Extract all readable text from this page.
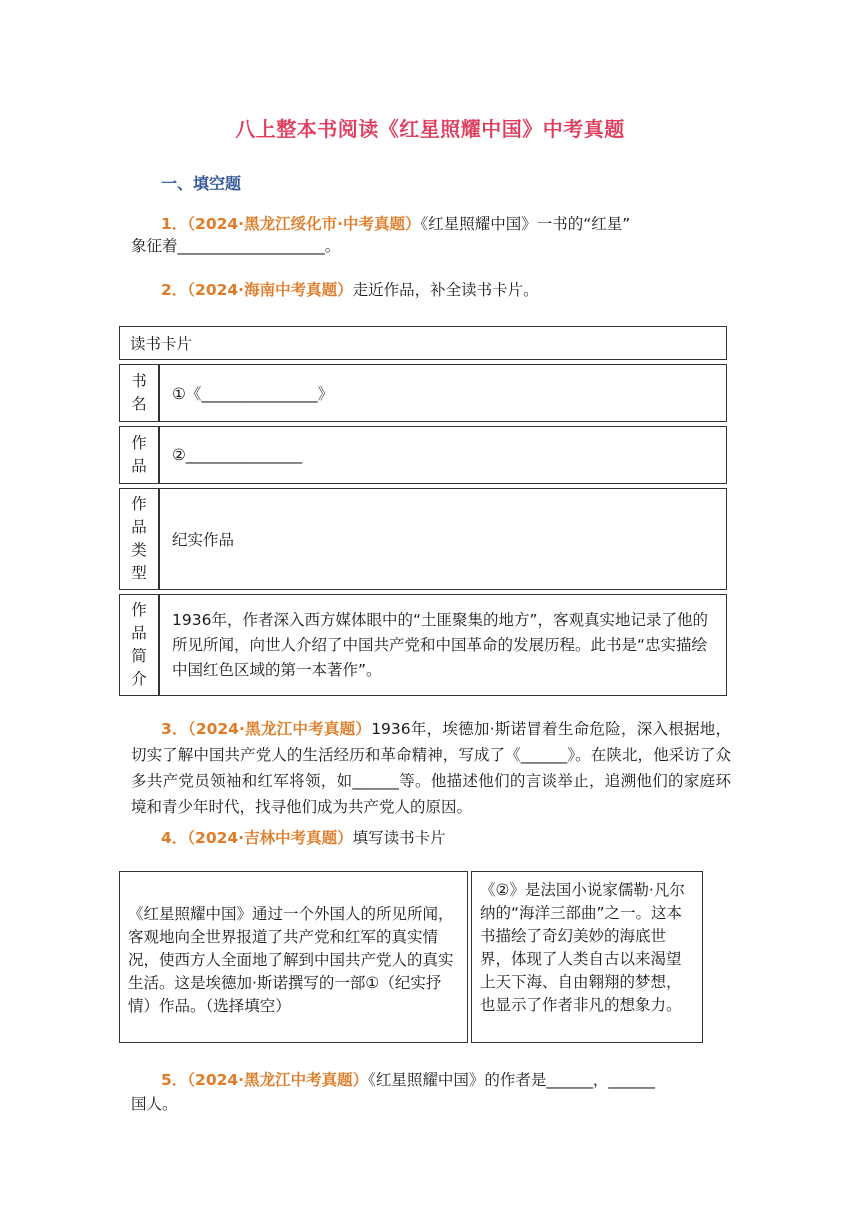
八上整本书阅读《红星照耀中国》中考真题
一、填空题
1．（2024·黑龙江绥化市·中考真题）《红星照耀中国》一书的“红星”
象征着___________________。
2．（2024·海南中考真题）走近作品，补全读书卡片。
读书卡片	
书
名	①《_______________》
作
品	②_______________
作
品
类
型	纪实作品
作
品
简
介	1936年，作者深入西方媒体眼中的“土匪聚集的地方”，客观真实地记录了他的所见所闻，向世人介绍了中国共产党和中国革命的发展历程。此书是“忠实描绘中国红色区域的第一本著作”。
3．（2024·黑龙江中考真题）1936年，埃德加·斯诺冒着生命危险，深入根据地，切实了解中国共产党人的生活经历和革命精神，写成了《______》。在陕北，他采访了众多共产党员领袖和红军将领，如______等。他描述他们的言谈举止，追溯他们的家庭环境和青少年时代，找寻他们成为共产党人的原因。
4．（2024·吉林中考真题）填写读书卡片
《红星照耀中国》通过一个外国人的所见所闻，客观地向全世界报道了共产党和红军的真实情况，使西方人全面地了解到中国共产党人的真实生活。这是埃德加·斯诺撰写的一部①（纪实抒情）作品。（选择填空）
《②》是法国小说家儒勒·凡尔纳的“海洋三部曲”之一。这本书描绘了奇幻美妙的海底世界，体现了人类自古以来渴望上天下海、自由翱翔的梦想，也显示了作者非凡的想象力。
5．（2024·黑龙江中考真题）《红星照耀中国》的作者是______，______
国人。
